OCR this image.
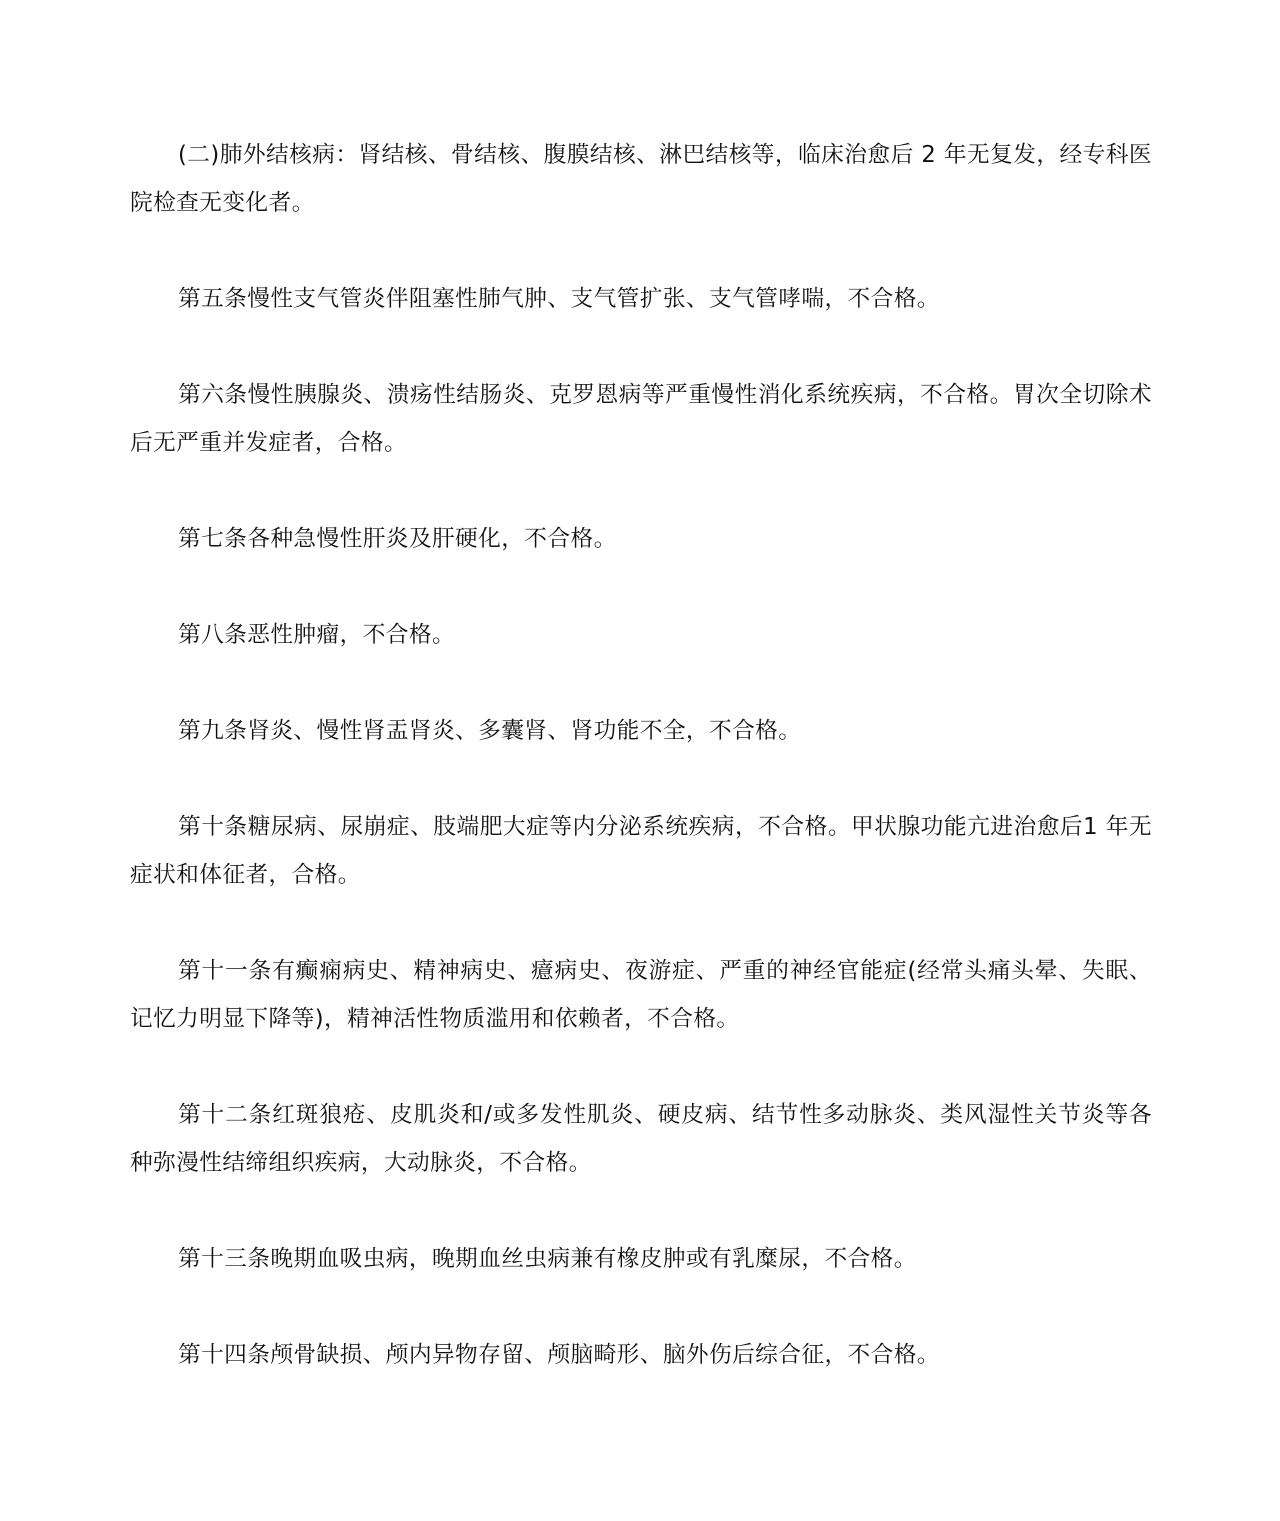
(二)肺外结核病：肾结核、骨结核、腹膜结核、淋巴结核等，临床治愈后 2 年无复发，经专科医院检查无变化者。

第五条慢性支气管炎伴阻塞性肺气肿、支气管扩张、支气管哮喘，不合格。

第六条慢性胰腺炎、溃疡性结肠炎、克罗恩病等严重慢性消化系统疾病，不合格。胃次全切除术后无严重并发症者，合格。

第七条各种急慢性肝炎及肝硬化，不合格。

第八条恶性肿瘤，不合格。

第九条肾炎、慢性肾盂肾炎、多囊肾、肾功能不全，不合格。

第十条糖尿病、尿崩症、肢端肥大症等内分泌系统疾病，不合格。甲状腺功能亢进治愈后1 年无症状和体征者，合格。

第十一条有癫痫病史、精神病史、癔病史、夜游症、严重的神经官能症(经常头痛头晕、失眠、记忆力明显下降等)，精神活性物质滥用和依赖者，不合格。

第十二条红斑狼疮、皮肌炎和/或多发性肌炎、硬皮病、结节性多动脉炎、类风湿性关节炎等各种弥漫性结缔组织疾病，大动脉炎，不合格。

第十三条晚期血吸虫病，晚期血丝虫病兼有橡皮肿或有乳糜尿，不合格。

第十四条颅骨缺损、颅内异物存留、颅脑畸形、脑外伤后综合征，不合格。
